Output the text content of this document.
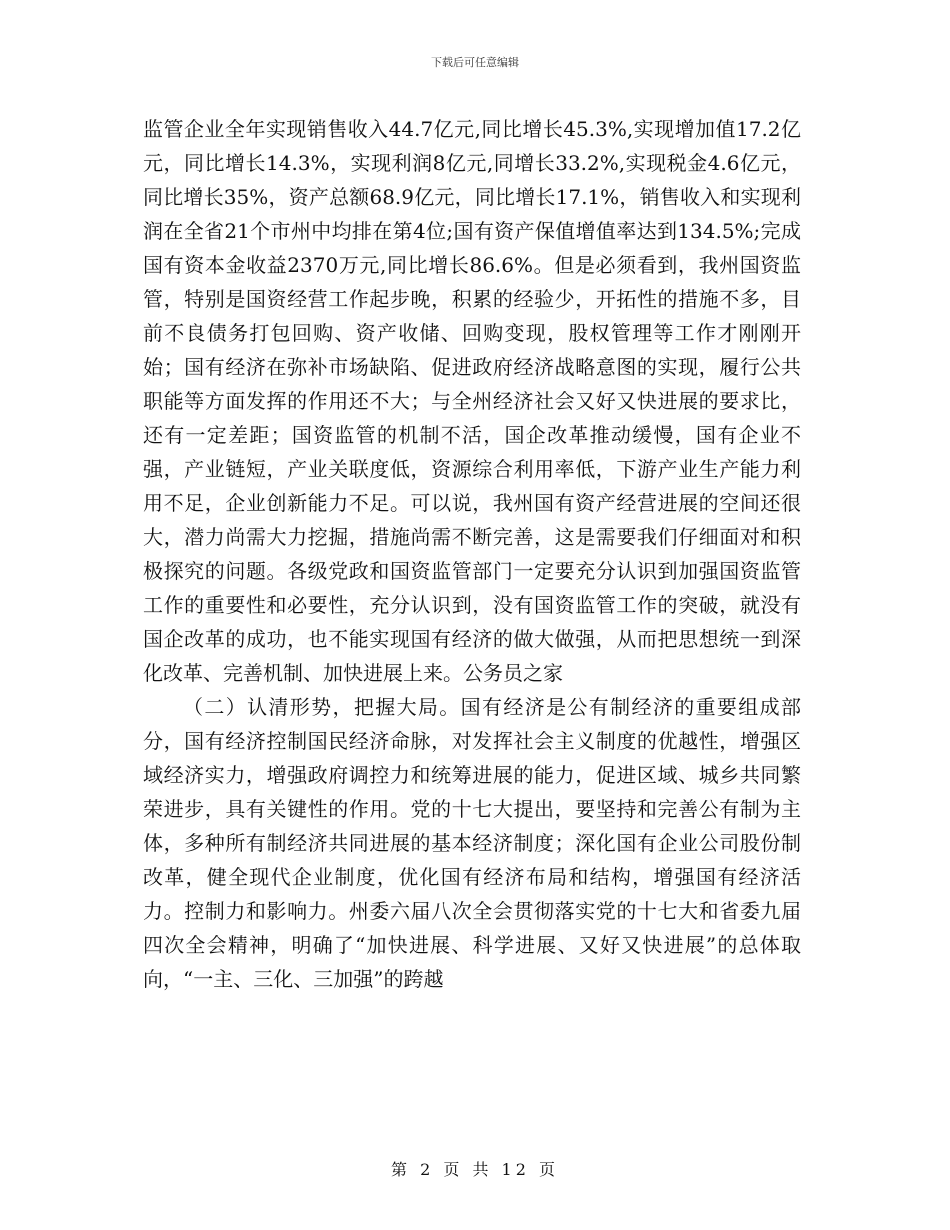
下载后可任意编辑

监管企业全年实现销售收入44.7亿元,同比增长45.3%,实现增加值17.2亿元，同比增长14.3%，实现利润8亿元,同增长33.2%,实现税金4.6亿元，同比增长35%，资产总额68.9亿元，同比增长17.1%，销售收入和实现利润在全省21个市州中均排在第4位;国有资产保值增值率达到134.5%;完成国有资本金收益2370万元,同比增长86.6%。但是必须看到，我州国资监管，特别是国资经营工作起步晚，积累的经验少，开拓性的措施不多，目前不良债务打包回购、资产收储、回购变现，股权管理等工作才刚刚开始；国有经济在弥补市场缺陷、促进政府经济战略意图的实现，履行公共职能等方面发挥的作用还不大；与全州经济社会又好又快进展的要求比，还有一定差距；国资监管的机制不活，国企改革推动缓慢，国有企业不强，产业链短，产业关联度低，资源综合利用率低，下游产业生产能力利用不足，企业创新能力不足。可以说，我州国有资产经营进展的空间还很大，潜力尚需大力挖掘，措施尚需不断完善，这是需要我们仔细面对和积极探究的问题。各级党政和国资监管部门一定要充分认识到加强国资监管工作的重要性和必要性，充分认识到，没有国资监管工作的突破，就没有国企改革的成功，也不能实现国有经济的做大做强，从而把思想统一到深化改革、完善机制、加快进展上来。公务员之家

（二）认清形势，把握大局。国有经济是公有制经济的重要组成部分，国有经济控制国民经济命脉，对发挥社会主义制度的优越性，增强区域经济实力，增强政府调控力和统筹进展的能力，促进区域、城乡共同繁荣进步，具有关键性的作用。党的十七大提出，要坚持和完善公有制为主体，多种所有制经济共同进展的基本经济制度；深化国有企业公司股份制改革，健全现代企业制度，优化国有经济布局和结构，增强国有经济活力。控制力和影响力。州委六届八次全会贯彻落实党的十七大和省委九届四次全会精神，明确了“加快进展、科学进展、又好又快进展”的总体取向，“一主、三化、三加强”的跨越

第 2 页 共 12 页
